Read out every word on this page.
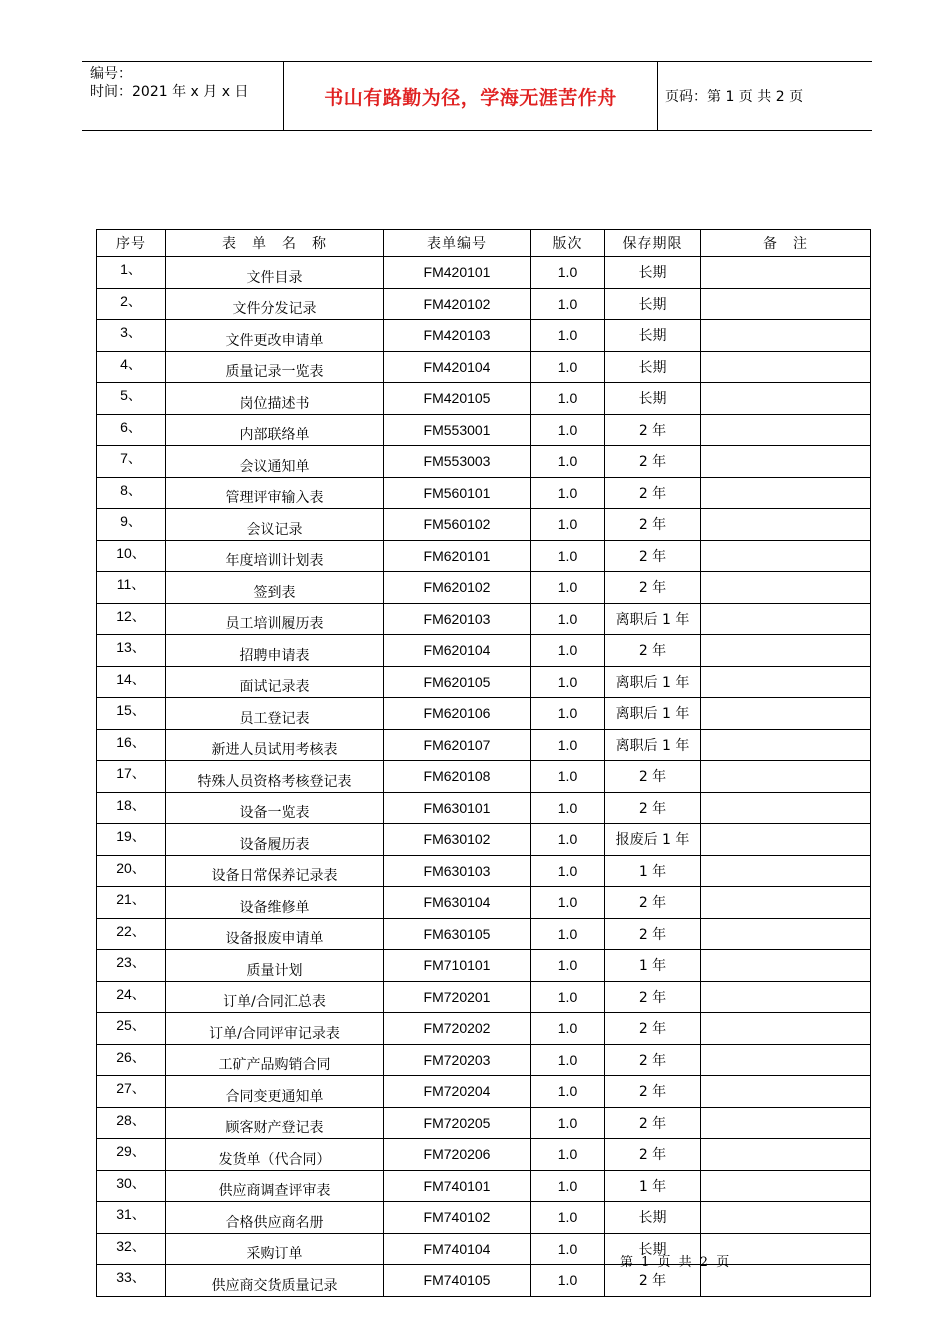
编号：
时间：2021 年 x 月 x 日	书山有路勤为径，学海无涯苦作舟	页码：第 1 页 共 2 页
序号	表　单　名　称	表单编号	版次	保存期限	备　注
1、	文件目录	FM420101	1.0	长期	
2、	文件分发记录	FM420102	1.0	长期	
3、	文件更改申请单	FM420103	1.0	长期	
4、	质量记录一览表	FM420104	1.0	长期	
5、	岗位描述书	FM420105	1.0	长期	
6、	内部联络单	FM553001	1.0	2 年	
7、	会议通知单	FM553003	1.0	2 年	
8、	管理评审输入表	FM560101	1.0	2 年	
9、	会议记录	FM560102	1.0	2 年	
10、	年度培训计划表	FM620101	1.0	2 年	
11、	签到表	FM620102	1.0	2 年	
12、	员工培训履历表	FM620103	1.0	离职后 1 年	
13、	招聘申请表	FM620104	1.0	2 年	
14、	面试记录表	FM620105	1.0	离职后 1 年	
15、	员工登记表	FM620106	1.0	离职后 1 年	
16、	新进人员试用考核表	FM620107	1.0	离职后 1 年	
17、	特殊人员资格考核登记表	FM620108	1.0	2 年	
18、	设备一览表	FM630101	1.0	2 年	
19、	设备履历表	FM630102	1.0	报废后 1 年	
20、	设备日常保养记录表	FM630103	1.0	1 年	
21、	设备维修单	FM630104	1.0	2 年	
22、	设备报废申请单	FM630105	1.0	2 年	
23、	质量计划	FM710101	1.0	1 年	
24、	订单/合同汇总表	FM720201	1.0	2 年	
25、	订单/合同评审记录表	FM720202	1.0	2 年	
26、	工矿产品购销合同	FM720203	1.0	2 年	
27、	合同变更通知单	FM720204	1.0	2 年	
28、	顾客财产登记表	FM720205	1.0	2 年	
29、	发货单（代合同）	FM720206	1.0	2 年	
30、	供应商调查评审表	FM740101	1.0	1 年	
31、	合格供应商名册	FM740102	1.0	长期	
32、	采购订单	FM740104	1.0	长期	
33、	供应商交货质量记录	FM740105	1.0	2 年	
第 1 页 共 2 页
